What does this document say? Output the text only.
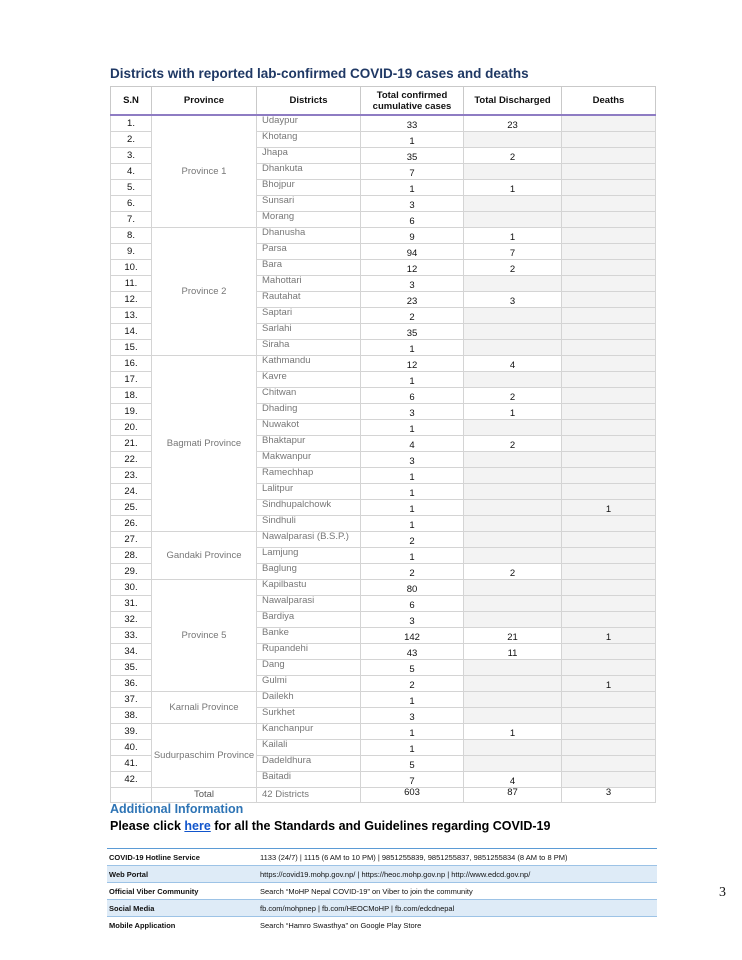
Districts with reported lab-confirmed COVID-19 cases and deaths
S.N	Province	Districts	Total confirmed cumulative cases	Total Discharged	Deaths
1.	Province 1	Udaypur	33	23	
2.		Khotang	1		
3.		Jhapa	35	2	
4.		Dhankuta	7		
5.		Bhojpur	1	1	
6.		Sunsari	3		
7.		Morang	6		
8.	Province 2	Dhanusha	9	1	
9.		Parsa	94	7	
10.		Bara	12	2	
11.		Mahottari	3		
12.		Rautahat	23	3	
13.		Saptari	2		
14.		Sarlahi	35		
15.		Siraha	1		
16.	Bagmati Province	Kathmandu	12	4	
17.		Kavre	1		
18.		Chitwan	6	2	
19.		Dhading	3	1	
20.		Nuwakot	1		
21.		Bhaktapur	4	2	
22.		Makwanpur	3		
23.		Ramechhap	1		
24.		Lalitpur	1		
25.		Sindhupalchowk	1		1
26.		Sindhuli	1		
27.	Gandaki Province	Nawalparasi (B.S.P.)	2		
28.		Lamjung	1		
29.		Baglung	2	2	
30.	Province 5	Kapilbastu	80		
31.		Nawalparasi	6		
32.		Bardiya	3		
33.		Banke	142	21	1
34.		Rupandehi	43	11	
35.		Dang	5		
36.		Gulmi	2		1
37.	Karnali Province	Dailekh	1		
38.		Surkhet	3		
39.	Sudurpaschim Province	Kanchanpur	1	1	
40.		Kailali	1		
41.		Dadeldhura	5		
42.		Baitadi	7	4	
	Total	42 Districts	603	87	3
Additional Information
Please click here for all the Standards and Guidelines regarding COVID-19
COVID-19 Hotline Service	1133 (24/7) | 1115 (6 AM to 10 PM) | 9851255839, 9851255837, 9851255834 (8 AM to 8 PM)
Web Portal	https://covid19.mohp.gov.np/ | https://heoc.mohp.gov.np | http://www.edcd.gov.np/
Official Viber Community	Search “MoHP Nepal COVID-19” on Viber to join the community
Social Media	fb.com/mohpnep | fb.com/HEOCMoHP | fb.com/edcdnepal
Mobile Application	Search “Hamro Swasthya” on Google Play Store
3
